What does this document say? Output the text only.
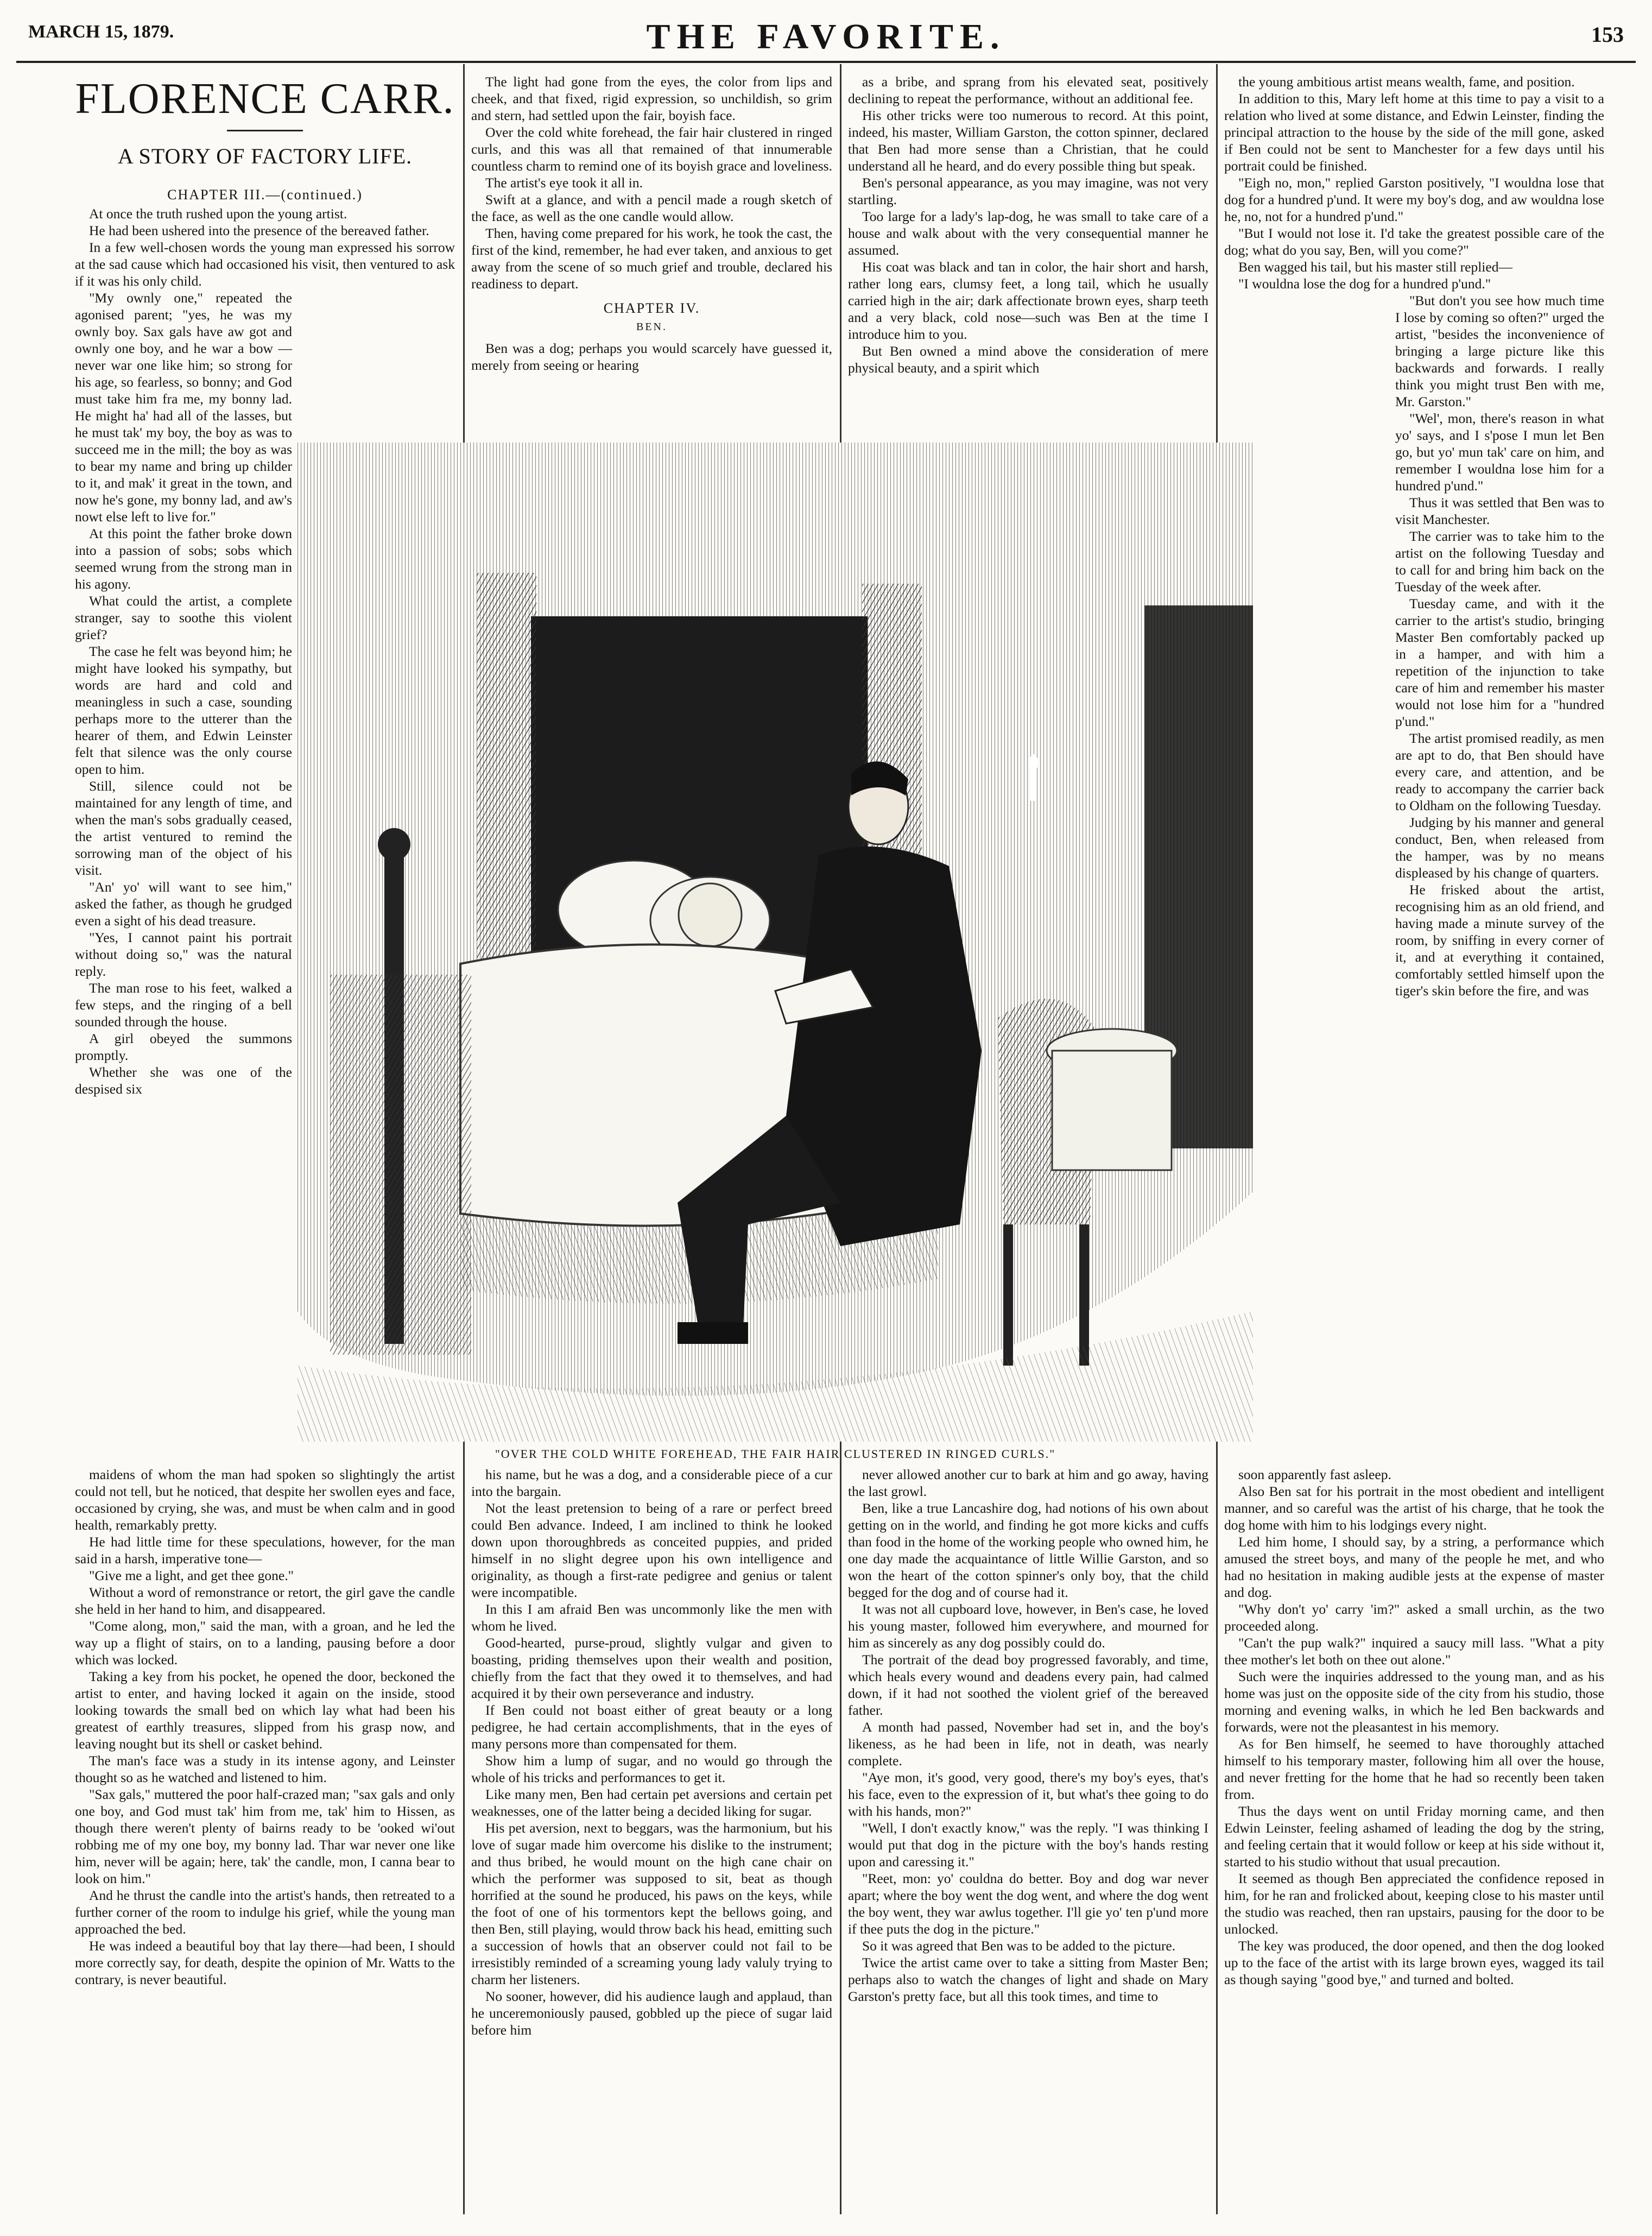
MARCH 15, 1879.	THE FAVORITE.	153
FLORENCE CARR.
A STORY OF FACTORY LIFE.
CHAPTER III.—(continued.)

At once the truth rushed upon the young artist.

He had been ushered into the presence of the bereaved father.

In a few well-chosen words the young man expressed his sorrow at the sad cause which had occasioned his visit, then ventured to ask if it was his only child.

"My ownly one," repeated the agonised parent; "yes, he was my ownly boy. Sax gals have aw got and ownly one boy, and he war a bow — never war one like him; so strong for his age, so fearless, so bonny; and God must take him fra me, my bonny lad. He might ha' had all of the lasses, but he must tak' my boy, the boy as was to succeed me in the mill; the boy as was to bear my name and bring up childer to it, and mak' it great in the town, and now he's gone, my bonny lad, and aw's nowt else left to live for."

At this point the father broke down into a passion of sobs; sobs which seemed wrung from the strong man in his agony.

What could the artist, a complete stranger, say to soothe this violent grief?

The case he felt was beyond him; he might have looked his sympathy, but words are hard and cold and meaningless in such a case, sounding perhaps more to the utterer than the hearer of them, and Edwin Leinster felt that silence was the only course open to him.

Still, silence could not be maintained for any length of time, and when the man's sobs gradually ceased, the artist ventured to remind the sorrowing man of the object of his visit.

"An' yo' will want to see him," asked the father, as though he grudged even a sight of his dead treasure.

"Yes, I cannot paint his portrait without doing so," was the natural reply.

The man rose to his feet, walked a few steps, and the ringing of a bell sounded through the house.

A girl obeyed the summons promptly.

Whether she was one of the despised six

The light had gone from the eyes, the color from lips and cheek, and that fixed, rigid expression, so unchildish, so grim and stern, had settled upon the fair, boyish face.

Over the cold white forehead, the fair hair clustered in ringed curls, and this was all that remained of that innumerable countless charm to remind one of its boyish grace and loveliness.

The artist's eye took it all in.

Swift at a glance, and with a pencil made a rough sketch of the face, as well as the one candle would allow.

Then, having come prepared for his work, he took the cast, the first of the kind, remember, he had ever taken, and anxious to get away from the scene of so much grief and trouble, declared his readiness to depart.

CHAPTER IV.
BEN.

Ben was a dog; perhaps you would scarcely have guessed it, merely from seeing or hearing

as a bribe, and sprang from his elevated seat, positively declining to repeat the performance, without an additional fee.

His other tricks were too numerous to record. At this point, indeed, his master, William Garston, the cotton spinner, declared that Ben had more sense than a Christian, that he could understand all he heard, and do every possible thing but speak.

Ben's personal appearance, as you may imagine, was not very startling.

Too large for a lady's lap-dog, he was small to take care of a house and walk about with the very consequential manner he assumed.

His coat was black and tan in color, the hair short and harsh, rather long ears, clumsy feet, a long tail, which he usually carried high in the air; dark affectionate brown eyes, sharp teeth and a very black, cold nose—such was Ben at the time I introduce him to you.

But Ben owned a mind above the consideration of mere physical beauty, and a spirit which

the young ambitious artist means wealth, fame, and position.

In addition to this, Mary left home at this time to pay a visit to a relation who lived at some distance, and Edwin Leinster, finding the principal attraction to the house by the side of the mill gone, asked if Ben could not be sent to Manchester for a few days until his portrait could be finished.

"Eigh no, mon," replied Garston positively, "I wouldna lose that dog for a hundred p'und. It were my boy's dog, and aw wouldna lose he, no, not for a hundred p'und."

"But I would not lose it. I'd take the greatest possible care of the dog; what do you say, Ben, will you come?"

Ben wagged his tail, but his master still replied—

"I wouldna lose the dog for a hundred p'und."

"But don't you see how much time I lose by coming so often?" urged the artist, "besides the inconvenience of bringing a large picture like this backwards and forwards. I really think you might trust Ben with me, Mr. Garston."

"Wel', mon, there's reason in what yo' says, and I s'pose I mun let Ben go, but yo' mun tak' care on him, and remember I wouldna lose him for a hundred p'und."

Thus it was settled that Ben was to visit Manchester.

The carrier was to take him to the artist on the following Tuesday and to call for and bring him back on the Tuesday of the week after.

Tuesday came, and with it the carrier to the artist's studio, bringing Master Ben comfortably packed up in a hamper, and with him a repetition of the injunction to take care of him and remember his master would not lose him for a "hundred p'und."

The artist promised readily, as men are apt to do, that Ben should have every care, and attention, and be ready to accompany the carrier back to Oldham on the following Tuesday.

Judging by his manner and general conduct, Ben, when released from the hamper, was by no means displeased by his change of quarters.

He frisked about the artist, recognising him as an old friend, and having made a minute survey of the room, by sniffing in every corner of it, and at everything it contained, comfortably settled himself upon the tiger's skin before the fire, and was

"OVER THE COLD WHITE FOREHEAD, THE FAIR HAIR CLUSTERED IN RINGED CURLS."

maidens of whom the man had spoken so slightingly the artist could not tell, but he noticed, that despite her swollen eyes and face, occasioned by crying, she was, and must be when calm and in good health, remarkably pretty.

He had little time for these speculations, however, for the man said in a harsh, imperative tone—

"Give me a light, and get thee gone."

Without a word of remonstrance or retort, the girl gave the candle she held in her hand to him, and disappeared.

"Come along, mon," said the man, with a groan, and he led the way up a flight of stairs, on to a landing, pausing before a door which was locked.

Taking a key from his pocket, he opened the door, beckoned the artist to enter, and having locked it again on the inside, stood looking towards the small bed on which lay what had been his greatest of earthly treasures, slipped from his grasp now, and leaving nought but its shell or casket behind.

The man's face was a study in its intense agony, and Leinster thought so as he watched and listened to him.

"Sax gals," muttered the poor half-crazed man; "sax gals and only one boy, and God must tak' him from me, tak' him to Hissen, as though there weren't plenty of bairns ready to be 'ooked wi'out robbing me of my one boy, my bonny lad. Thar war never one like him, never will be again; here, tak' the candle, mon, I canna bear to look on him."

And he thrust the candle into the artist's hands, then retreated to a further corner of the room to indulge his grief, while the young man approached the bed.

He was indeed a beautiful boy that lay there—had been, I should more correctly say, for death, despite the opinion of Mr. Watts to the contrary, is never beautiful.

his name, but he was a dog, and a considerable piece of a cur into the bargain.

Not the least pretension to being of a rare or perfect breed could Ben advance. Indeed, I am inclined to think he looked down upon thoroughbreds as conceited puppies, and prided himself in no slight degree upon his own intelligence and originality, as though a first-rate pedigree and genius or talent were incompatible.

In this I am afraid Ben was uncommonly like the men with whom he lived.

Good-hearted, purse-proud, slightly vulgar and given to boasting, priding themselves upon their wealth and position, chiefly from the fact that they owed it to themselves, and had acquired it by their own perseverance and industry.

If Ben could not boast either of great beauty or a long pedigree, he had certain accomplishments, that in the eyes of many persons more than compensated for them.

Show him a lump of sugar, and no would go through the whole of his tricks and performances to get it.

Like many men, Ben had certain pet aversions and certain pet weaknesses, one of the latter being a decided liking for sugar.

His pet aversion, next to beggars, was the harmonium, but his love of sugar made him overcome his dislike to the instrument; and thus bribed, he would mount on the high cane chair on which the performer was supposed to sit, beat as though horrified at the sound he produced, his paws on the keys, while the foot of one of his tormentors kept the bellows going, and then Ben, still playing, would throw back his head, emitting such a succession of howls that an observer could not fail to be irresistibly reminded of a screaming young lady valuly trying to charm her listeners.

No sooner, however, did his audience laugh and applaud, than he unceremoniously paused, gobbled up the piece of sugar laid before him

never allowed another cur to bark at him and go away, having the last growl.

Ben, like a true Lancashire dog, had notions of his own about getting on in the world, and finding he got more kicks and cuffs than food in the home of the working people who owned him, he one day made the acquaintance of little Willie Garston, and so won the heart of the cotton spinner's only boy, that the child begged for the dog and of course had it.

It was not all cupboard love, however, in Ben's case, he loved his young master, followed him everywhere, and mourned for him as sincerely as any dog possibly could do.

The portrait of the dead boy progressed favorably, and time, which heals every wound and deadens every pain, had calmed down, if it had not soothed the violent grief of the bereaved father.

A month had passed, November had set in, and the boy's likeness, as he had been in life, not in death, was nearly complete.

"Aye mon, it's good, very good, there's my boy's eyes, that's his face, even to the expression of it, but what's thee going to do with his hands, mon?"

"Well, I don't exactly know," was the reply. "I was thinking I would put that dog in the picture with the boy's hands resting upon and caressing it."

"Reet, mon: yo' couldna do better. Boy and dog war never apart; where the boy went the dog went, and where the dog went the boy went, they war awlus together. I'll gie yo' ten p'und more if thee puts the dog in the picture."

So it was agreed that Ben was to be added to the picture.

Twice the artist came over to take a sitting from Master Ben; perhaps also to watch the changes of light and shade on Mary Garston's pretty face, but all this took times, and time to

soon apparently fast asleep.

Also Ben sat for his portrait in the most obedient and intelligent manner, and so careful was the artist of his charge, that he took the dog home with him to his lodgings every night.

Led him home, I should say, by a string, a performance which amused the street boys, and many of the people he met, and who had no hesitation in making audible jests at the expense of master and dog.

"Why don't yo' carry 'im?" asked a small urchin, as the two proceeded along.

"Can't the pup walk?" inquired a saucy mill lass. "What a pity thee mother's let both on thee out alone."

Such were the inquiries addressed to the young man, and as his home was just on the opposite side of the city from his studio, those morning and evening walks, in which he led Ben backwards and forwards, were not the pleasantest in his memory.

As for Ben himself, he seemed to have thoroughly attached himself to his temporary master, following him all over the house, and never fretting for the home that he had so recently been taken from.

Thus the days went on until Friday morning came, and then Edwin Leinster, feeling ashamed of leading the dog by the string, and feeling certain that it would follow or keep at his side without it, started to his studio without that usual precaution.

It seemed as though Ben appreciated the confidence reposed in him, for he ran and frolicked about, keeping close to his master until the studio was reached, then ran upstairs, pausing for the door to be unlocked.

The key was produced, the door opened, and then the dog looked up to the face of the artist with its large brown eyes, wagged its tail as though saying "good bye," and turned and bolted.
